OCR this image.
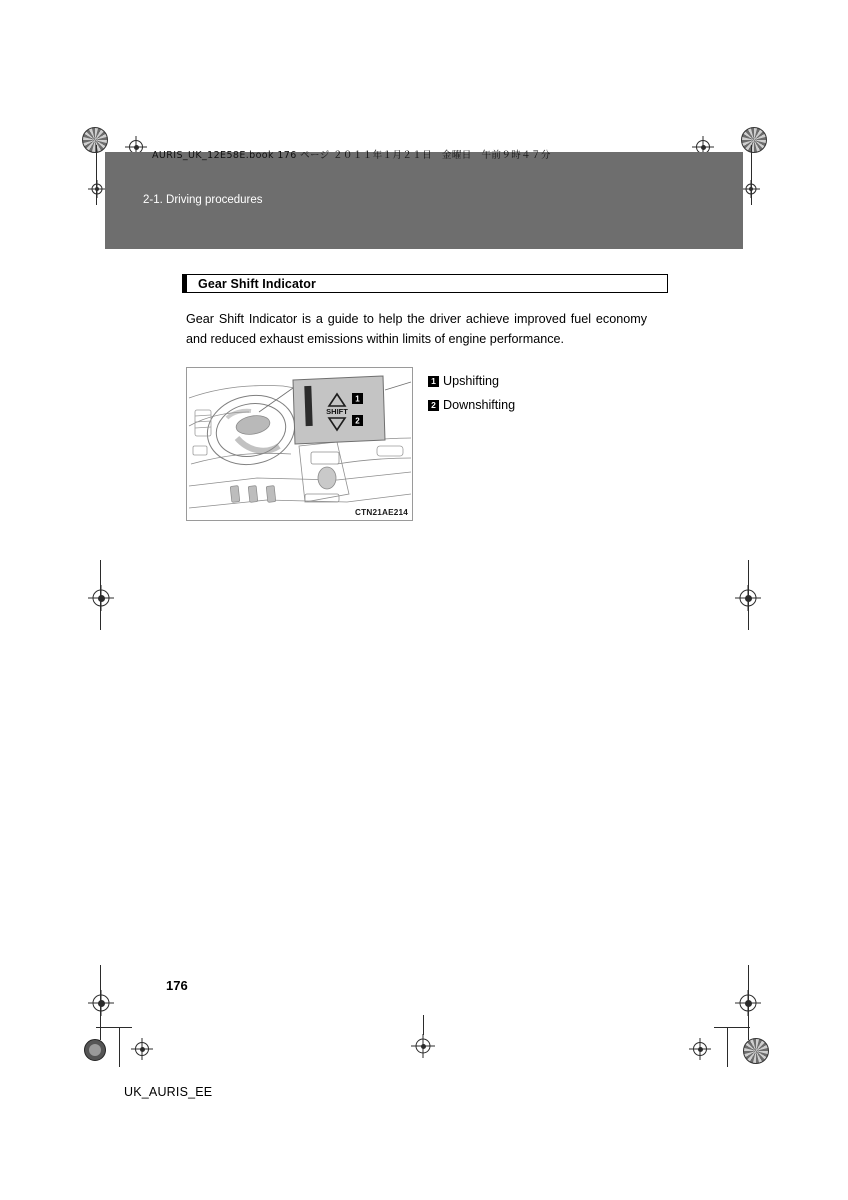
AURIS_UK_12E58E.book 176 ページ ２０１１年１月２１日　金曜日　午前９時４７分
2-1. Driving procedures
Gear Shift Indicator

Gear Shift Indicator is a guide to help the driver achieve improved fuel economy and reduced exhaust emissions within limits of engine performance.

SHIFT
1
2
CTN21AE214
1 Upshifting
2 Downshifting
176
UK_AURIS_EE
